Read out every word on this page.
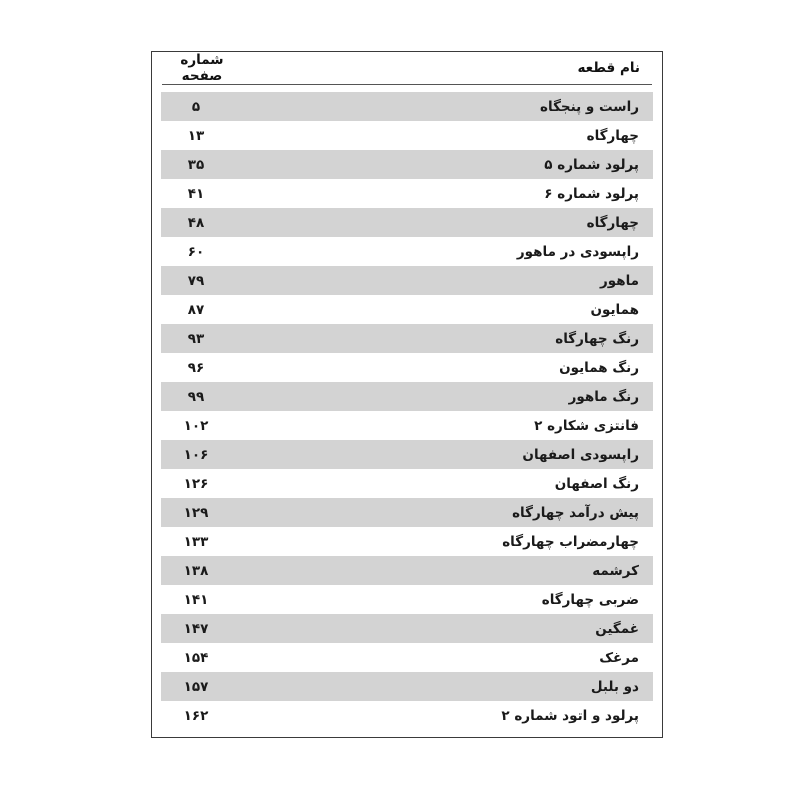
شماره صفحه	نام قطعه
۵	راست و پنجگاه
۱۳	چهارگاه
۳۵	پرلود شماره ۵
۴۱	پرلود شماره ۶
۴۸	چهارگاه
۶۰	راپسودی در ماهور
۷۹	ماهور
۸۷	همایون
۹۳	رنگ چهارگاه
۹۶	رنگ همایون
۹۹	رنگ ماهور
۱۰۲	فانتزی شکاره ۲
۱۰۶	راپسودی اصفهان
۱۲۶	رنگ اصفهان
۱۲۹	پیش درآمد چهارگاه
۱۳۳	چهارمضراب چهارگاه
۱۳۸	کرشمه
۱۴۱	ضربی چهارگاه
۱۴۷	غمگین
۱۵۴	مرغک
۱۵۷	دو بلبل
۱۶۲	پرلود و اتود شماره ۲
